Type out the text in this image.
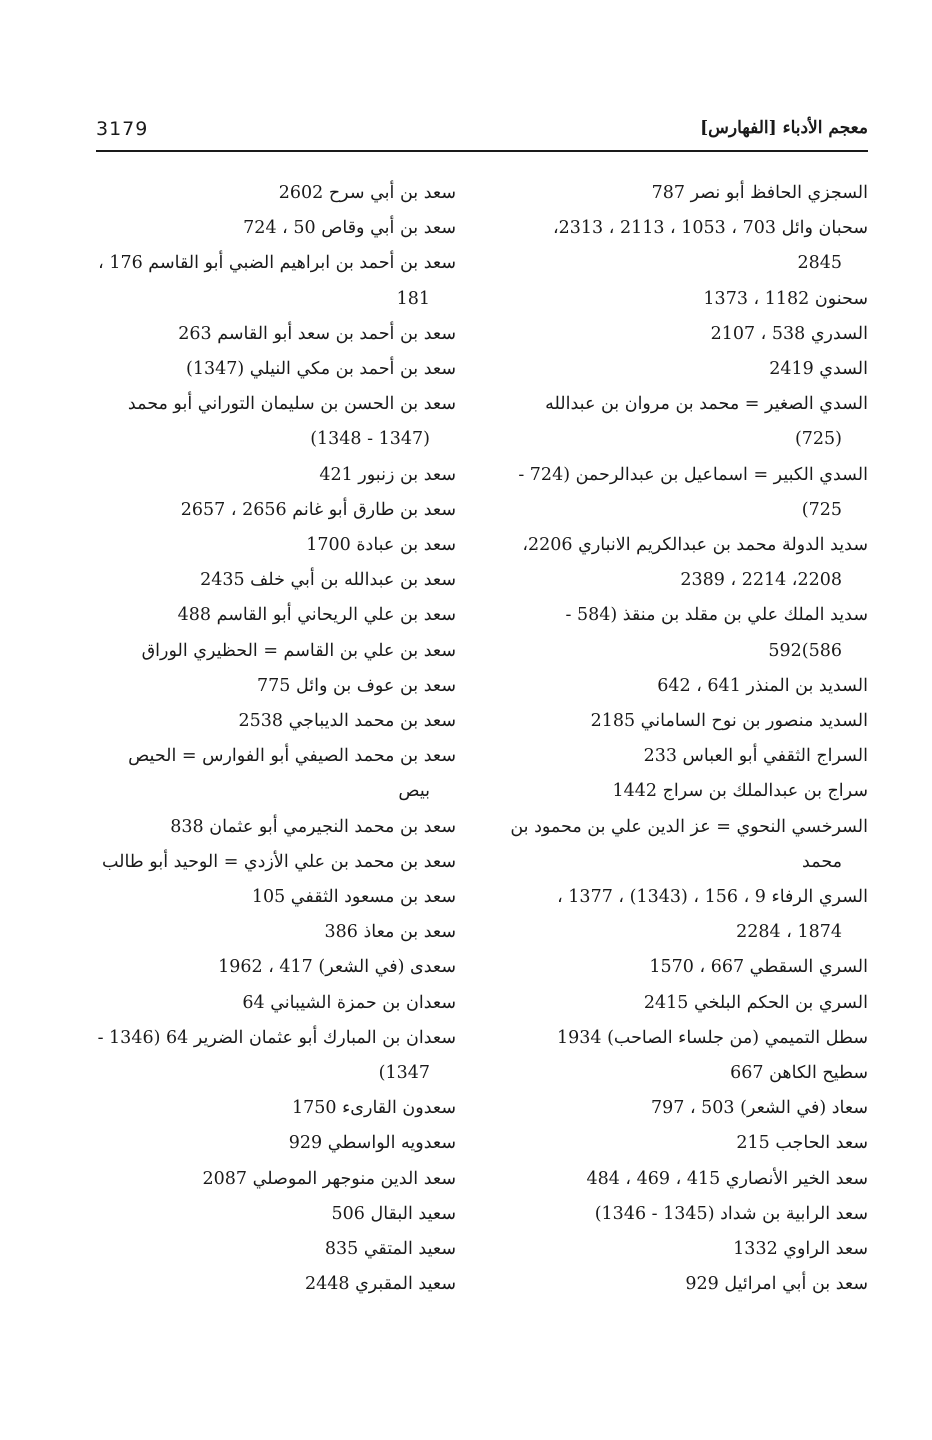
3179	معجم الأدباء [الفهارس]

السجزي الحافظ أبو نصر 787

سحبان وائل 703 ، 1053 ، 2113 ، 2313، 2845

سحنون 1182 ، 1373

السدري 538 ، 2107

السدي 2419

السدي الصغير = محمد بن مروان بن عبدالله (725)

السدي الكبير = اسماعيل بن عبدالرحمن (724 - 725)

سديد الدولة محمد بن عبدالكريم الانباري 2206، 2208، 2214 ، 2389

سديد الملك علي بن مقلد بن منقذ (584 - 586)592

السديد بن المنذر 641 ، 642

السديد منصور بن نوح الساماني 2185

السراج الثقفي أبو العباس 233

سراج بن عبدالملك بن سراج 1442

السرخسي النحوي = عز الدين علي بن محمود بن محمد

السري الرفاء 9 ، 156 ، (1343) ، 1377 ، 1874 ، 2284

السري السقطي 667 ، 1570

السري بن الحكم البلخي 2415

سطل التميمي (من جلساء الصاحب) 1934

سطيح الكاهن 667

سعاد (في الشعر) 503 ، 797

سعد الحاجب 215

سعد الخير الأنصاري 415 ، 469 ، 484

سعد الرابية بن شداد (1345 - 1346)

سعد الراوي 1332

سعد بن أبي امرائيل 929

سعد بن أبي سرح 2602

سعد بن أبي وقاص 50 ، 724

سعد بن أحمد بن ابراهيم الضبي أبو القاسم 176 ، 181

سعد بن أحمد بن سعد أبو القاسم 263

سعد بن أحمد بن مكي النيلي (1347)

سعد بن الحسن بن سليمان التوراني أبو محمد (1347 - 1348)

سعد بن زنبور 421

سعد بن طارق أبو غانم 2656 ، 2657

سعد بن عبادة 1700

سعد بن عبدالله بن أبي خلف 2435

سعد بن علي الريحاني أبو القاسم 488

سعد بن علي بن القاسم = الحظيري الوراق

سعد بن عوف بن وائل 775

سعد بن محمد الديباجي 2538

سعد بن محمد الصيفي أبو الفوارس = الحيص بيص

سعد بن محمد النجيرمي أبو عثمان 838

سعد بن محمد بن علي الأزدي = الوحيد أبو طالب

سعد بن مسعود الثقفي 105

سعد بن معاذ 386

سعدى (في الشعر) 417 ، 1962

سعدان بن حمزة الشيباني 64

سعدان بن المبارك أبو عثمان الضرير 64 (1346 - 1347)

سعدون القارىء 1750

سعدويه الواسطي 929

سعد الدين منوجهر الموصلي 2087

سعيد البقال 506

سعيد المتقي 835

سعيد المقبري 2448
